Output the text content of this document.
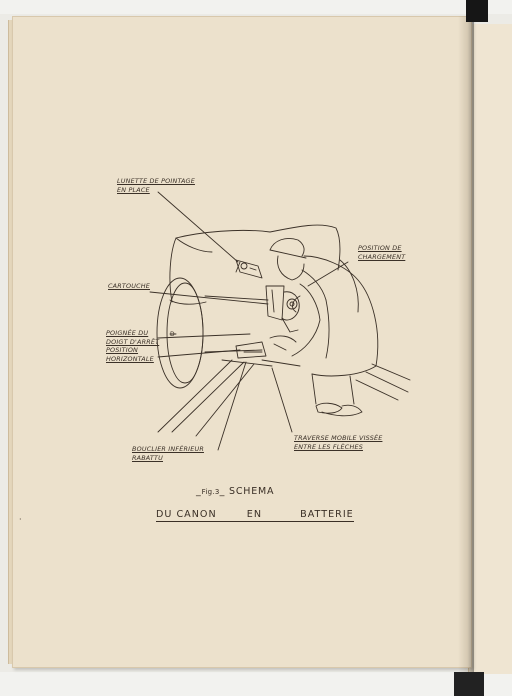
D
LUNETTE DE POINTAGE
EN PLACE
POSITION DE
CHARGEMENT
CARTOUCHE
POIGNÉE DU
DOIGT D'ARRÊT
POSITION
HORIZONTALE
BOUCLIER INFÉRIEUR
RABATTU
TRAVERSE MOBILE VISSÉE
ENTRE LES FLÈCHES
_Fig.3_ SCHEMA
DU CANON	EN	BATTERIE
·
